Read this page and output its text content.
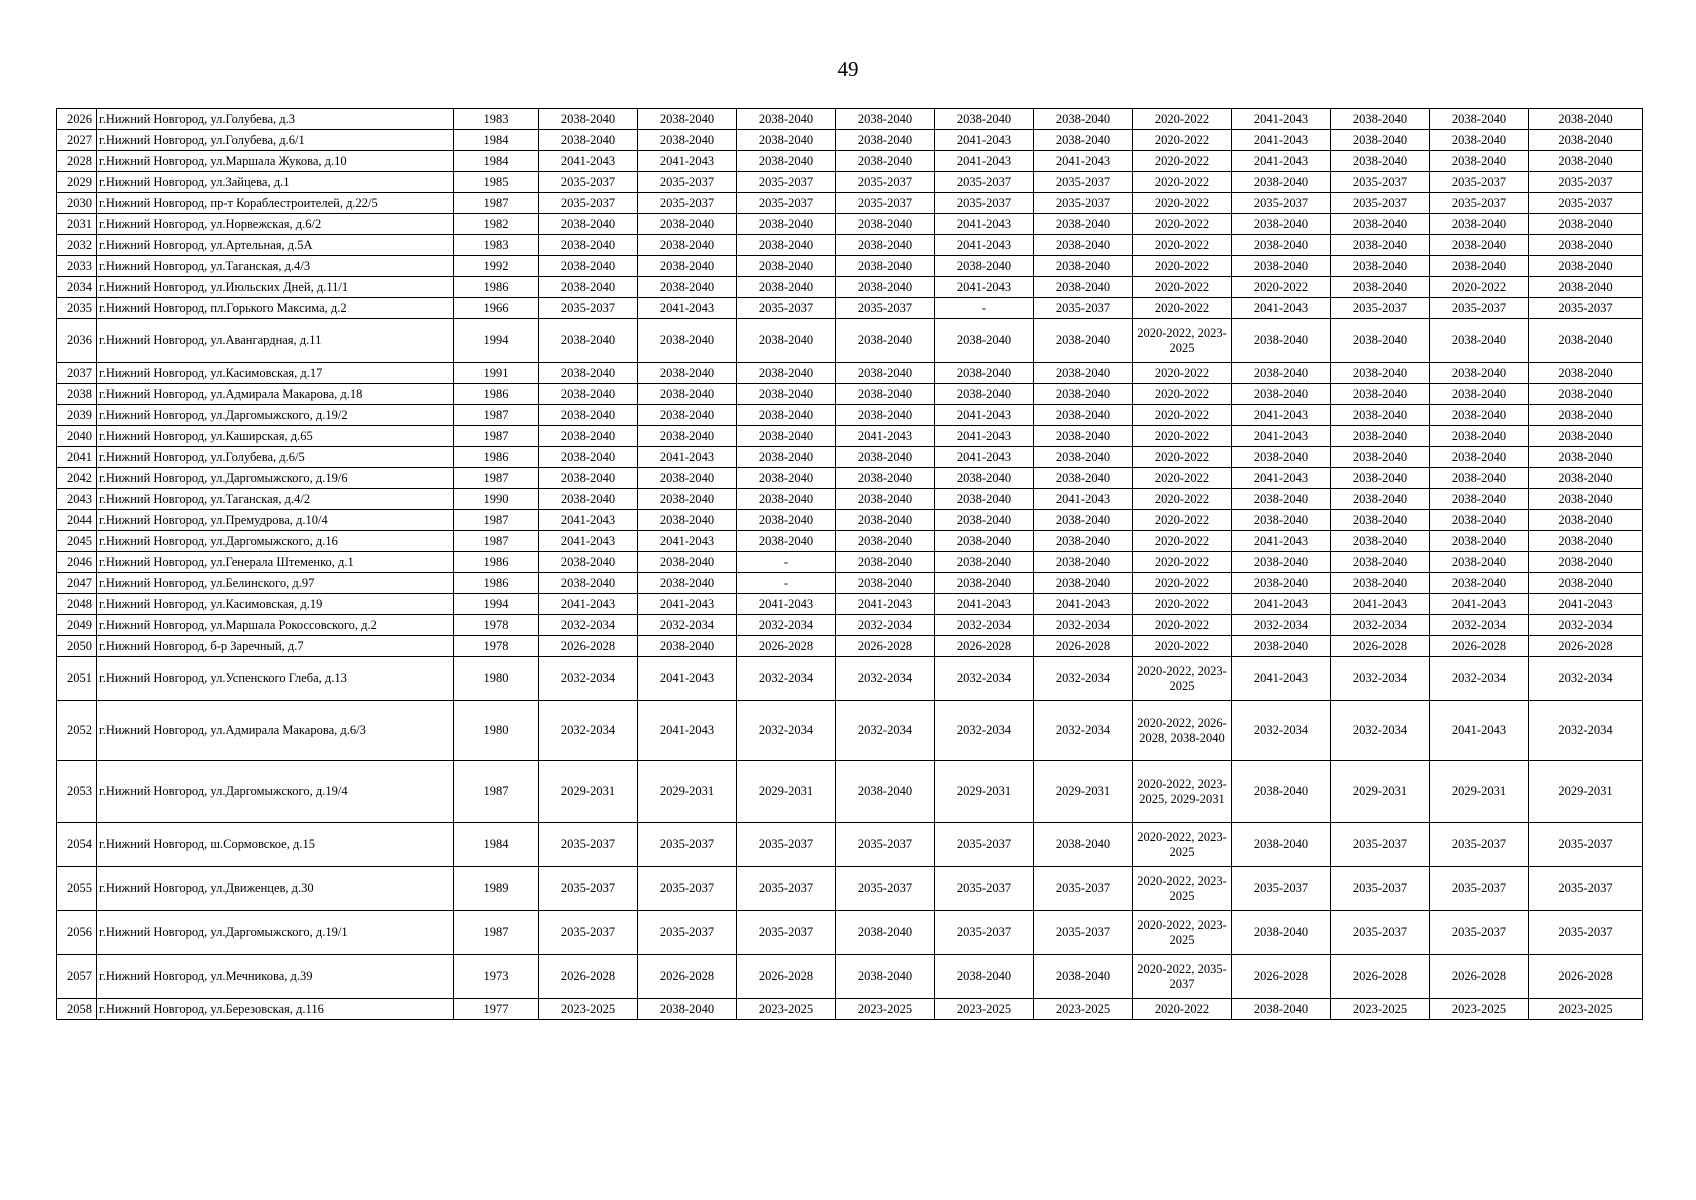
49
2026	г.Нижний Новгород, ул.Голубева, д.3	1983	2038-2040	2038-2040	2038-2040	2038-2040	2038-2040	2038-2040	2020-2022	2041-2043	2038-2040	2038-2040	2038-2040
2027	г.Нижний Новгород, ул.Голубева, д.6/1	1984	2038-2040	2038-2040	2038-2040	2038-2040	2041-2043	2038-2040	2020-2022	2041-2043	2038-2040	2038-2040	2038-2040
2028	г.Нижний Новгород, ул.Маршала Жукова, д.10	1984	2041-2043	2041-2043	2038-2040	2038-2040	2041-2043	2041-2043	2020-2022	2041-2043	2038-2040	2038-2040	2038-2040
2029	г.Нижний Новгород, ул.Зайцева, д.1	1985	2035-2037	2035-2037	2035-2037	2035-2037	2035-2037	2035-2037	2020-2022	2038-2040	2035-2037	2035-2037	2035-2037
2030	г.Нижний Новгород, пр-т Кораблестроителей, д.22/5	1987	2035-2037	2035-2037	2035-2037	2035-2037	2035-2037	2035-2037	2020-2022	2035-2037	2035-2037	2035-2037	2035-2037
2031	г.Нижний Новгород, ул.Норвежская, д.6/2	1982	2038-2040	2038-2040	2038-2040	2038-2040	2041-2043	2038-2040	2020-2022	2038-2040	2038-2040	2038-2040	2038-2040
2032	г.Нижний Новгород, ул.Артельная, д.5А	1983	2038-2040	2038-2040	2038-2040	2038-2040	2041-2043	2038-2040	2020-2022	2038-2040	2038-2040	2038-2040	2038-2040
2033	г.Нижний Новгород, ул.Таганская, д.4/3	1992	2038-2040	2038-2040	2038-2040	2038-2040	2038-2040	2038-2040	2020-2022	2038-2040	2038-2040	2038-2040	2038-2040
2034	г.Нижний Новгород, ул.Июльских Дней, д.11/1	1986	2038-2040	2038-2040	2038-2040	2038-2040	2041-2043	2038-2040	2020-2022	2020-2022	2038-2040	2020-2022	2038-2040
2035	г.Нижний Новгород, пл.Горького Максима, д.2	1966	2035-2037	2041-2043	2035-2037	2035-2037	-	2035-2037	2020-2022	2041-2043	2035-2037	2035-2037	2035-2037
2036	г.Нижний Новгород, ул.Авангардная, д.11	1994	2038-2040	2038-2040	2038-2040	2038-2040	2038-2040	2038-2040	2020-2022, 2023-2025	2038-2040	2038-2040	2038-2040	2038-2040
2037	г.Нижний Новгород, ул.Касимовская, д.17	1991	2038-2040	2038-2040	2038-2040	2038-2040	2038-2040	2038-2040	2020-2022	2038-2040	2038-2040	2038-2040	2038-2040
2038	г.Нижний Новгород, ул.Адмирала Макарова, д.18	1986	2038-2040	2038-2040	2038-2040	2038-2040	2038-2040	2038-2040	2020-2022	2038-2040	2038-2040	2038-2040	2038-2040
2039	г.Нижний Новгород, ул.Даргомыжского, д.19/2	1987	2038-2040	2038-2040	2038-2040	2038-2040	2041-2043	2038-2040	2020-2022	2041-2043	2038-2040	2038-2040	2038-2040
2040	г.Нижний Новгород, ул.Каширская, д.65	1987	2038-2040	2038-2040	2038-2040	2041-2043	2041-2043	2038-2040	2020-2022	2041-2043	2038-2040	2038-2040	2038-2040
2041	г.Нижний Новгород, ул.Голубева, д.6/5	1986	2038-2040	2041-2043	2038-2040	2038-2040	2041-2043	2038-2040	2020-2022	2038-2040	2038-2040	2038-2040	2038-2040
2042	г.Нижний Новгород, ул.Даргомыжского, д.19/6	1987	2038-2040	2038-2040	2038-2040	2038-2040	2038-2040	2038-2040	2020-2022	2041-2043	2038-2040	2038-2040	2038-2040
2043	г.Нижний Новгород, ул.Таганская, д.4/2	1990	2038-2040	2038-2040	2038-2040	2038-2040	2038-2040	2041-2043	2020-2022	2038-2040	2038-2040	2038-2040	2038-2040
2044	г.Нижний Новгород, ул.Премудрова, д.10/4	1987	2041-2043	2038-2040	2038-2040	2038-2040	2038-2040	2038-2040	2020-2022	2038-2040	2038-2040	2038-2040	2038-2040
2045	г.Нижний Новгород, ул.Даргомыжского, д.16	1987	2041-2043	2041-2043	2038-2040	2038-2040	2038-2040	2038-2040	2020-2022	2041-2043	2038-2040	2038-2040	2038-2040
2046	г.Нижний Новгород, ул.Генерала Штеменко, д.1	1986	2038-2040	2038-2040	-	2038-2040	2038-2040	2038-2040	2020-2022	2038-2040	2038-2040	2038-2040	2038-2040
2047	г.Нижний Новгород, ул.Белинского, д.97	1986	2038-2040	2038-2040	-	2038-2040	2038-2040	2038-2040	2020-2022	2038-2040	2038-2040	2038-2040	2038-2040
2048	г.Нижний Новгород, ул.Касимовская, д.19	1994	2041-2043	2041-2043	2041-2043	2041-2043	2041-2043	2041-2043	2020-2022	2041-2043	2041-2043	2041-2043	2041-2043
2049	г.Нижний Новгород, ул.Маршала Рокоссовского, д.2	1978	2032-2034	2032-2034	2032-2034	2032-2034	2032-2034	2032-2034	2020-2022	2032-2034	2032-2034	2032-2034	2032-2034
2050	г.Нижний Новгород, б-р Заречный, д.7	1978	2026-2028	2038-2040	2026-2028	2026-2028	2026-2028	2026-2028	2020-2022	2038-2040	2026-2028	2026-2028	2026-2028
2051	г.Нижний Новгород, ул.Успенского Глеба, д.13	1980	2032-2034	2041-2043	2032-2034	2032-2034	2032-2034	2032-2034	2020-2022, 2023-2025	2041-2043	2032-2034	2032-2034	2032-2034
2052	г.Нижний Новгород, ул.Адмирала Макарова, д.6/3	1980	2032-2034	2041-2043	2032-2034	2032-2034	2032-2034	2032-2034	2020-2022, 2026-2028, 2038-2040	2032-2034	2032-2034	2041-2043	2032-2034
2053	г.Нижний Новгород, ул.Даргомыжского, д.19/4	1987	2029-2031	2029-2031	2029-2031	2038-2040	2029-2031	2029-2031	2020-2022, 2023-2025, 2029-2031	2038-2040	2029-2031	2029-2031	2029-2031
2054	г.Нижний Новгород, ш.Сормовское, д.15	1984	2035-2037	2035-2037	2035-2037	2035-2037	2035-2037	2038-2040	2020-2022, 2023-2025	2038-2040	2035-2037	2035-2037	2035-2037
2055	г.Нижний Новгород, ул.Движенцев, д.30	1989	2035-2037	2035-2037	2035-2037	2035-2037	2035-2037	2035-2037	2020-2022, 2023-2025	2035-2037	2035-2037	2035-2037	2035-2037
2056	г.Нижний Новгород, ул.Даргомыжского, д.19/1	1987	2035-2037	2035-2037	2035-2037	2038-2040	2035-2037	2035-2037	2020-2022, 2023-2025	2038-2040	2035-2037	2035-2037	2035-2037
2057	г.Нижний Новгород, ул.Мечникова, д.39	1973	2026-2028	2026-2028	2026-2028	2038-2040	2038-2040	2038-2040	2020-2022, 2035-2037	2026-2028	2026-2028	2026-2028	2026-2028
2058	г.Нижний Новгород, ул.Березовская, д.116	1977	2023-2025	2038-2040	2023-2025	2023-2025	2023-2025	2023-2025	2020-2022	2038-2040	2023-2025	2023-2025	2023-2025
